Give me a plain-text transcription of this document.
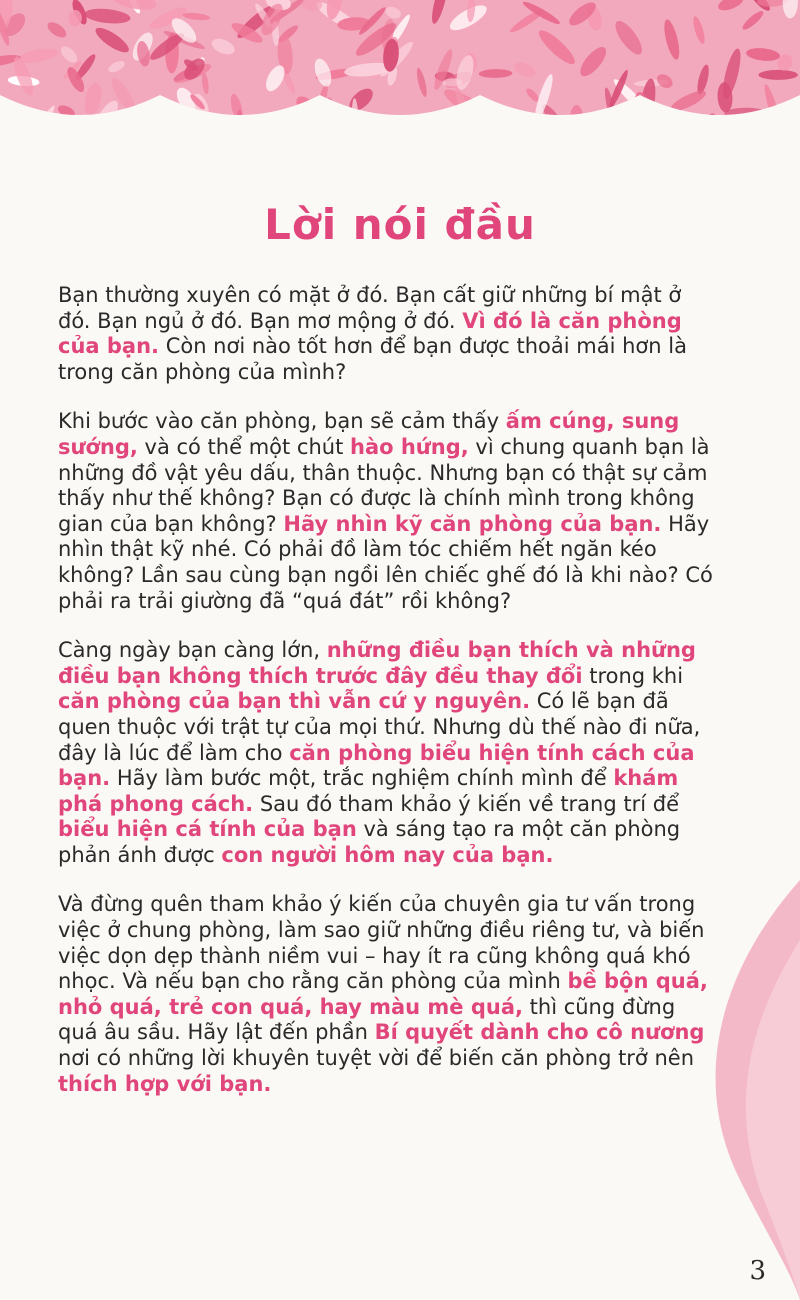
Lời nói đầu

Bạn thường xuyên có mặt ở đó. Bạn cất giữ những bí mật ở đó. Bạn ngủ ở đó. Bạn mơ mộng ở đó. Vì đó là căn phòng của bạn. Còn nơi nào tốt hơn để bạn được thoải mái hơn là trong căn phòng của mình?

Khi bước vào căn phòng, bạn sẽ cảm thấy ấm cúng, sung sướng, và có thể một chút hào hứng, vì chung quanh bạn là những đồ vật yêu dấu, thân thuộc. Nhưng bạn có thật sự cảm thấy như thế không? Bạn có được là chính mình trong không gian của bạn không? Hãy nhìn kỹ căn phòng của bạn. Hãy nhìn thật kỹ nhé. Có phải đồ làm tóc chiếm hết ngăn kéo không? Lần sau cùng bạn ngồi lên chiếc ghế đó là khi nào? Có phải ra trải giường đã “quá đát” rồi không?

Càng ngày bạn càng lớn, những điều bạn thích và những điều bạn không thích trước đây đều thay đổi trong khi căn phòng của bạn thì vẫn cứ y nguyên. Có lẽ bạn đã quen thuộc với trật tự của mọi thứ. Nhưng dù thế nào đi nữa, đây là lúc để làm cho căn phòng biểu hiện tính cách của bạn. Hãy làm bước một, trắc nghiệm chính mình để khám phá phong cách. Sau đó tham khảo ý kiến về trang trí để biểu hiện cá tính của bạn và sáng tạo ra một căn phòng phản ánh được con người hôm nay của bạn.

Và đừng quên tham khảo ý kiến của chuyên gia tư vấn trong việc ở chung phòng, làm sao giữ những điều riêng tư, và biến việc dọn dẹp thành niềm vui – hay ít ra cũng không quá khó nhọc. Và nếu bạn cho rằng căn phòng của mình bề bộn quá, nhỏ quá, trẻ con quá, hay màu mè quá, thì cũng đừng quá âu sầu. Hãy lật đến phần Bí quyết dành cho cô nương nơi có những lời khuyên tuyệt vời để biến căn phòng trở nên thích hợp với bạn.

3
